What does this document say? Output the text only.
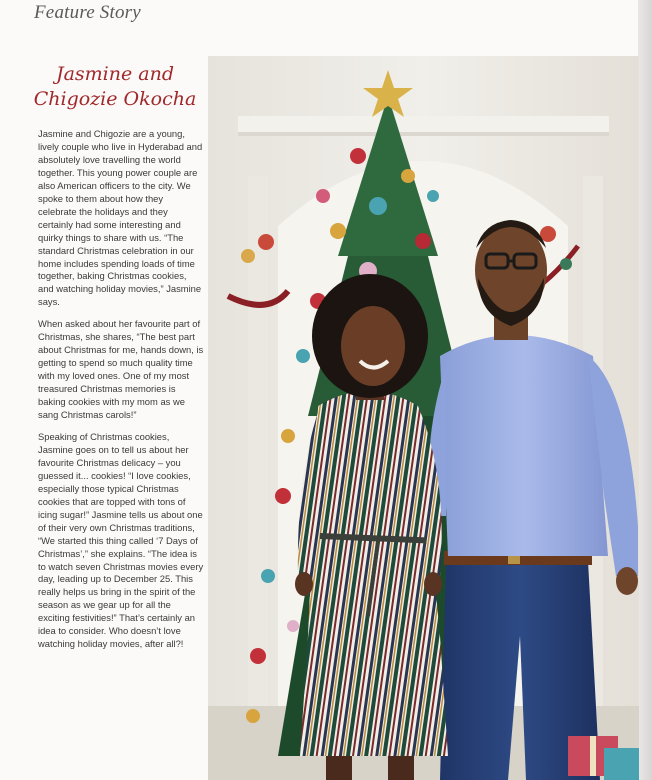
Feature Story
Jasmine and
Chigozie Okocha

Jasmine and Chigozie are a young, lively couple who live in Hyderabad and absolutely love travelling the world together. This young power couple are also American officers to the city. We spoke to them about how they celebrate the holidays and they certainly had some interesting and quirky things to share with us. “The standard Christmas celebration in our home includes spending loads of time together, baking Christmas cookies, and watching holiday movies,” Jasmine says.

When asked about her favourite part of Christmas, she shares, “The best part about Christmas for me, hands down, is getting to spend so much quality time with my loved ones. One of my most treasured Christmas memories is baking cookies with my mom as we sang Christmas carols!”

Speaking of Christmas cookies, Jasmine goes on to tell us about her favourite Christmas delicacy – you guessed it... cookies! “I love cookies, especially those typical Christmas cookies that are topped with tons of icing sugar!” Jasmine tells us about one of their very own Christmas traditions, “We started this thing called ‘7 Days of Christmas’,” she explains. “The idea is to watch seven Christmas movies every day, leading up to December 25. This really helps us bring in the spirit of the season as we gear up for all the exciting festivities!” That’s certainly an idea to consider. Who doesn’t love watching holiday movies, after all?!
